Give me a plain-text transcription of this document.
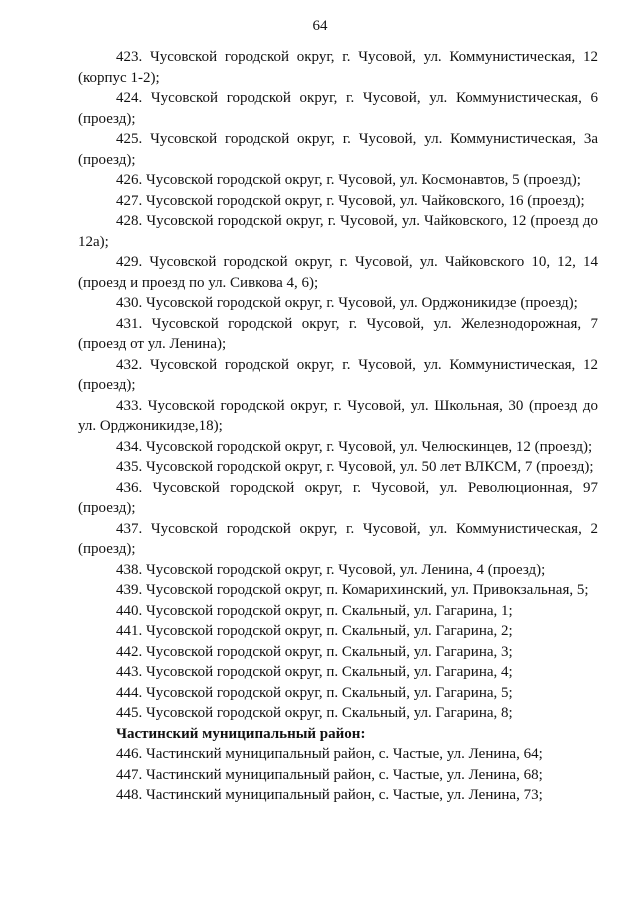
64

423. Чусовской городской округ, г. Чусовой, ул. Коммунистическая, 12 (корпус 1-2);

424. Чусовской городской округ, г. Чусовой, ул. Коммунистическая, 6 (проезд);

425. Чусовской городской округ, г. Чусовой, ул. Коммунистическая, 3а (проезд);

426. Чусовской городской округ, г. Чусовой, ул. Космонавтов, 5 (проезд);

427. Чусовской городской округ, г. Чусовой, ул. Чайковского, 16 (проезд);

428. Чусовской городской округ, г. Чусовой, ул. Чайковского, 12 (проезд до 12а);

429. Чусовской городской округ, г. Чусовой, ул. Чайковского 10, 12, 14 (проезд и проезд по ул. Сивкова 4, 6);

430. Чусовской городской округ, г. Чусовой, ул. Орджоникидзе (проезд);

431. Чусовской городской округ, г. Чусовой, ул. Железнодорожная, 7 (проезд от ул. Ленина);

432. Чусовской городской округ, г. Чусовой, ул. Коммунистическая, 12 (проезд);

433. Чусовской городской округ, г. Чусовой, ул. Школьная, 30 (проезд до ул. Орджоникидзе,18);

434. Чусовской городской округ, г. Чусовой, ул. Челюскинцев, 12 (проезд);

435. Чусовской городской округ, г. Чусовой, ул. 50 лет ВЛКСМ, 7 (проезд);

436. Чусовской городской округ, г. Чусовой, ул. Революционная, 97 (проезд);

437. Чусовской городской округ, г. Чусовой, ул. Коммунистическая, 2 (проезд);

438. Чусовской городской округ, г. Чусовой, ул. Ленина, 4 (проезд);

439. Чусовской городской округ, п. Комарихинский, ул. Привокзальная, 5;

440. Чусовской городской округ, п. Скальный, ул. Гагарина, 1;

441. Чусовской городской округ, п. Скальный, ул. Гагарина, 2;

442. Чусовской городской округ, п. Скальный, ул. Гагарина, 3;

443. Чусовской городской округ, п. Скальный, ул. Гагарина, 4;

444. Чусовской городской округ, п. Скальный, ул. Гагарина, 5;

445. Чусовской городской округ, п. Скальный, ул. Гагарина, 8;

Частинский муниципальный район:

446. Частинский муниципальный район, с. Частые, ул. Ленина, 64;

447. Частинский муниципальный район, с. Частые, ул. Ленина, 68;

448. Частинский муниципальный район, с. Частые, ул. Ленина, 73;
